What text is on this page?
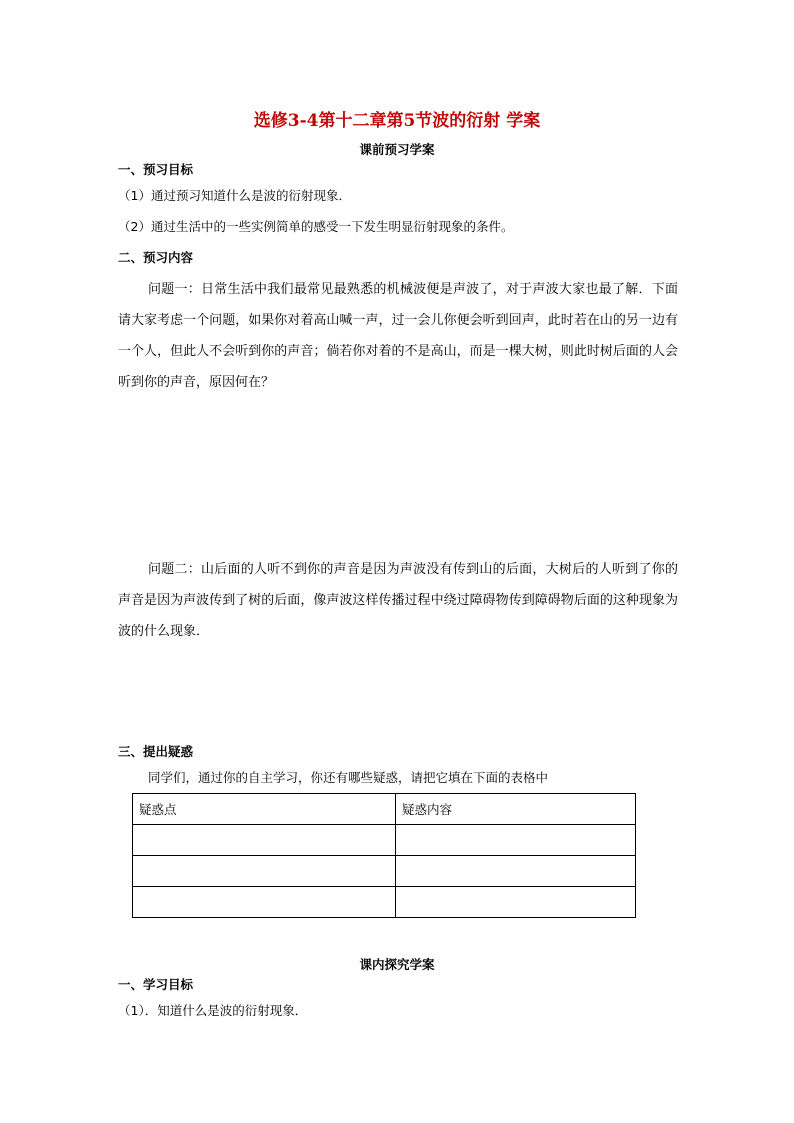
选修3-4第十二章第5节波的衍射 学案
课前预习学案
一、预习目标
（1）通过预习知道什么是波的衍射现象．
（2）通过生活中的一些实例简单的感受一下发生明显衍射现象的条件。
二、预习内容

问题一：日常生活中我们最常见最熟悉的机械波便是声波了，对于声波大家也最了解．下面请大家考虑一个问题，如果你对着高山喊一声，过一会儿你便会听到回声，此时若在山的另一边有一个人，但此人不会听到你的声音；倘若你对着的不是高山，而是一棵大树，则此时树后面的人会听到你的声音，原因何在？

问题二：山后面的人听不到你的声音是因为声波没有传到山的后面，大树后的人听到了你的声音是因为声波传到了树的后面，像声波这样传播过程中绕过障碍物传到障碍物后面的这种现象为波的什么现象．

三、提出疑惑
同学们，通过你的自主学习，你还有哪些疑惑，请把它填在下面的表格中
疑惑点	疑惑内容

课内探究学案
一、学习目标
（1）．知道什么是波的衍射现象．
